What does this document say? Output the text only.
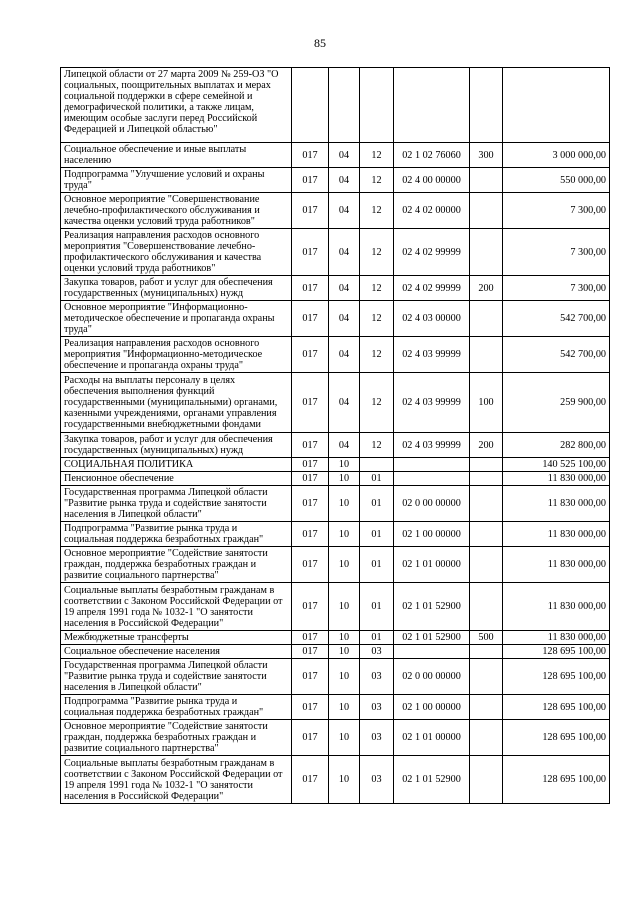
85
Липецкой области от 27 марта 2009 № 259-ОЗ "О социальных, поощрительных выплатах и мерах социальной поддержки в сфере семейной и демографической политики, а также лицам, имеющим особые заслуги перед Российской Федерацией и Липецкой областью"						
Социальное обеспечение и иные выплаты населению	017	04	12	02 1 02 76060	300	3 000 000,00
Подпрограмма "Улучшение условий и охраны труда"	017	04	12	02 4 00 00000		550 000,00
Основное мероприятие "Совершенствование лечебно-профилактического обслуживания и качества оценки условий труда работников"	017	04	12	02 4 02 00000		7 300,00
Реализация направления расходов основного мероприятия "Совершенствование лечебно-профилактического обслуживания и качества оценки условий труда работников"	017	04	12	02 4 02 99999		7 300,00
Закупка товаров, работ и услуг для обеспечения государственных (муниципальных) нужд	017	04	12	02 4 02 99999	200	7 300,00
Основное мероприятие "Информационно-методическое обеспечение и пропаганда охраны труда"	017	04	12	02 4 03 00000		542 700,00
Реализация направления расходов основного мероприятия "Информационно-методическое обеспечение и пропаганда охраны труда"	017	04	12	02 4 03 99999		542 700,00
Расходы на выплаты персоналу в целях обеспечения выполнения функций государственными (муниципальными) органами, казенными учреждениями, органами управления государственными внебюджетными фондами	017	04	12	02 4 03 99999	100	259 900,00
Закупка товаров, работ и услуг для обеспечения государственных (муниципальных) нужд	017	04	12	02 4 03 99999	200	282 800,00
СОЦИАЛЬНАЯ ПОЛИТИКА	017	10				140 525 100,00
Пенсионное обеспечение	017	10	01			11 830 000,00
Государственная программа Липецкой области "Развитие рынка труда и содействие занятости населения в Липецкой области"	017	10	01	02 0 00 00000		11 830 000,00
Подпрограмма "Развитие рынка труда и социальная поддержка безработных граждан"	017	10	01	02 1 00 00000		11 830 000,00
Основное мероприятие "Содействие занятости граждан, поддержка безработных граждан и развитие социального партнерства"	017	10	01	02 1 01 00000		11 830 000,00
Социальные выплаты безработным гражданам в соответствии с Законом Российской Федерации от 19 апреля 1991 года № 1032-1 "О занятости населения в Российской Федерации"	017	10	01	02 1 01 52900		11 830 000,00
Межбюджетные трансферты	017	10	01	02 1 01 52900	500	11 830 000,00
Социальное обеспечение населения	017	10	03			128 695 100,00
Государственная программа Липецкой области "Развитие рынка труда и содействие занятости населения в Липецкой области"	017	10	03	02 0 00 00000		128 695 100,00
Подпрограмма "Развитие рынка труда и социальная поддержка безработных граждан"	017	10	03	02 1 00 00000		128 695 100,00
Основное мероприятие "Содействие занятости граждан, поддержка безработных граждан и развитие социального партнерства"	017	10	03	02 1 01 00000		128 695 100,00
Социальные выплаты безработным гражданам в соответствии с Законом Российской Федерации от 19 апреля 1991 года № 1032-1 "О занятости населения в Российской Федерации"	017	10	03	02 1 01 52900		128 695 100,00
